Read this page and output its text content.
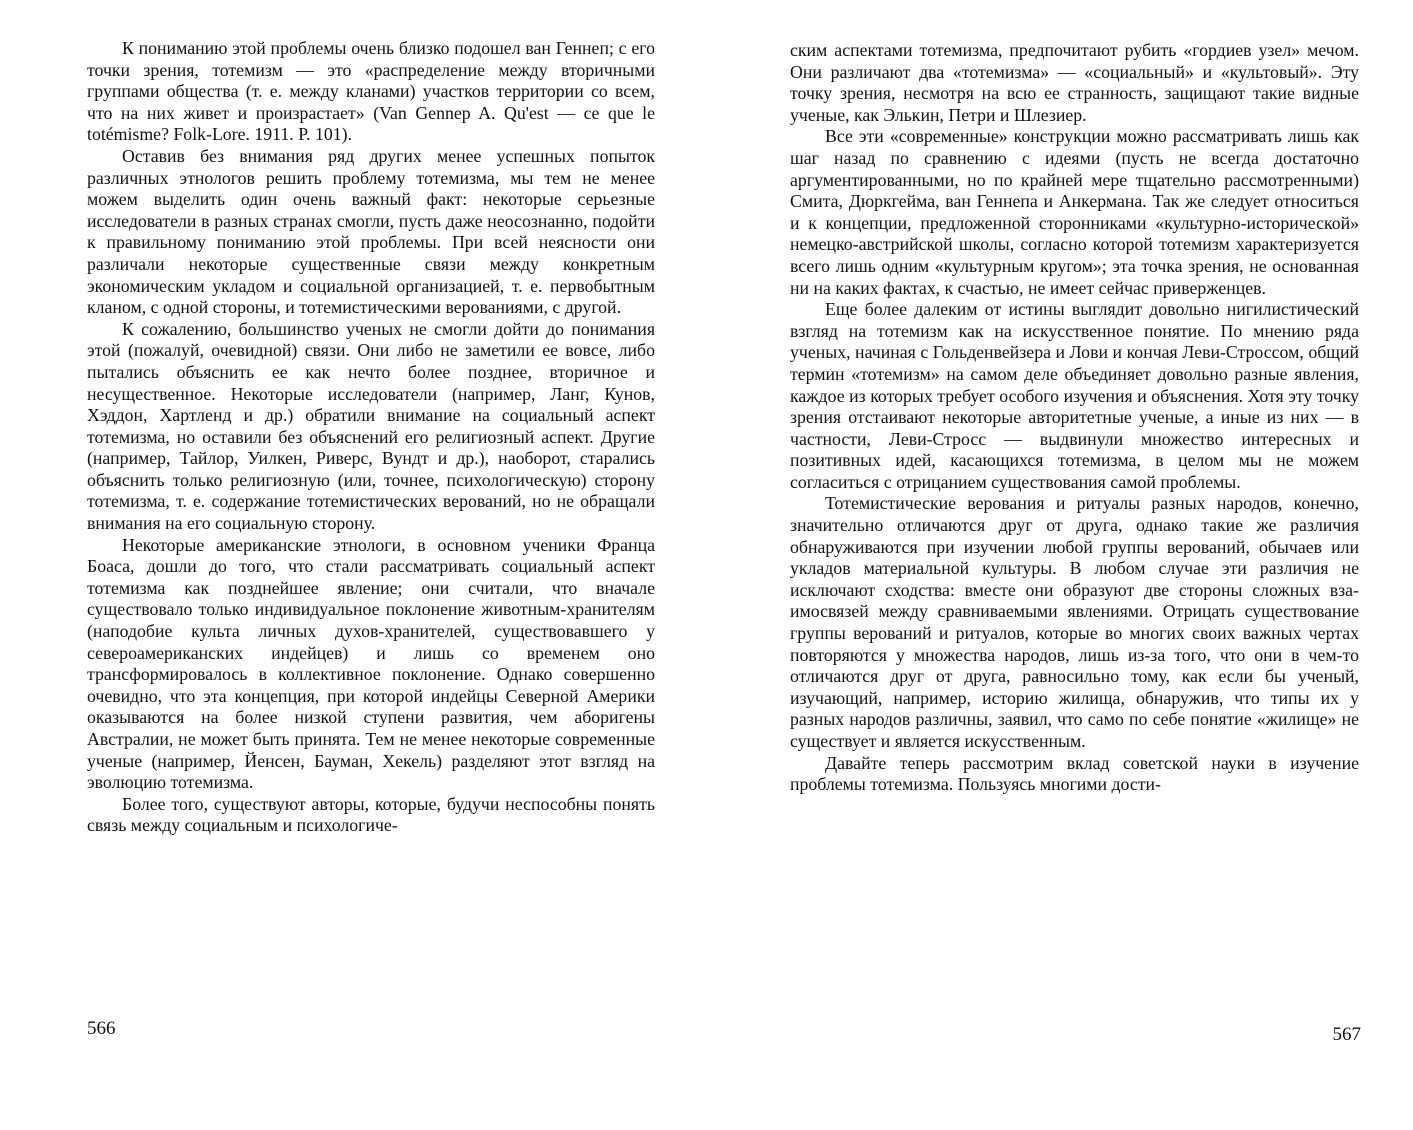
К пониманию этой проблемы очень близко подошел ван Геннеп; с его точки зрения, тотемизм — это «распределение между вторичными группами общества (т. е. между кланами) участков территории со всем, что на них живет и произрастает» (Van Gennep A. Qu'est — ce que le totémisme? Folk-Lore. 1911. P. 101).

Оставив без внимания ряд других менее успешных попыток различных этнологов решить проблему тотемизма, мы тем не менее можем выделить один очень важный факт: некоторые серьезные исследователи в разных странах смогли, пусть даже неосознанно, подойти к правильному пониманию этой проблемы. При всей неясности они различали некоторые существенные связи между конкретным экономическим укладом и социальной организацией, т. е. первобытным кланом, с одной стороны, и тотемистическими верованиями, с другой.

К сожалению, большинство ученых не смогли дойти до понимания этой (пожалуй, очевидной) связи. Они либо не заметили ее вовсе, либо пытались объяснить ее как нечто более позднее, вторичное и несущественное. Некоторые исследователи (например, Ланг, Кунов, Хэддон, Хартленд и др.) обратили внимание на социальный аспект тотемизма, но оставили без объяснений его религиозный аспект. Другие (например, Тайлор, Уилкен, Риверс, Вундт и др.), наоборот, старались объяснить только религиозную (или, точнее, психологическую) сторону тотемизма, т. е. содержание тотемистических верований, но не обращали внимания на его социальную сторону.

Некоторые американские этнологи, в основном ученики Франца Боаса, дошли до того, что стали рассматривать социальный аспект тотемизма как позднейшее явление; они считали, что вначале существовало только индивидуальное поклонение животным-хранителям (наподобие культа личных духов-хранителей, существовавшего у североамериканских индейцев) и лишь со временем оно трансформировалось в коллективное поклонение. Однако совершенно очевидно, что эта концепция, при которой индейцы Северной Америки оказываются на более низкой ступени развития, чем аборигены Австралии, не может быть принята. Тем не менее некоторые современные ученые (например, Йенсен, Бауман, Хекель) разделяют этот взгляд на эволюцию тотемизма.

Более того, существуют авторы, которые, будучи неспособны понять связь между социальным и психологиче-

566

ским аспектами тотемизма, предпочитают рубить «гордиев узел» мечом. Они различают два «тотемизма» — «социальный» и «культовый». Эту точку зрения, несмотря на всю ее странность, защищают такие видные ученые, как Элькин, Петри и Шлезиер.

Все эти «современные» конструкции можно рассматривать лишь как шаг назад по сравнению с идеями (пусть не всегда достаточно аргументированными, но по крайней мере тщательно рассмотренными) Смита, Дюркгейма, ван Геннепа и Анкермана. Так же следует относиться и к концепции, предложенной сторонниками «культурно-исторической» немецко-австрийской школы, согласно которой тотемизм характеризуется всего лишь одним «культурным кругом»; эта точка зрения, не основанная ни на каких фактах, к счастью, не имеет сейчас приверженцев.

Еще более далеким от истины выглядит довольно нигилистический взгляд на тотемизм как на искусственное понятие. По мнению ряда ученых, начиная с Гольденвейзера и Лови и кончая Леви-Строссом, общий термин «тотемизм» на самом деле объединяет довольно разные явления, каждое из которых требует особого изучения и объяснения. Хотя эту точку зрения отстаивают некоторые авторитетные ученые, а иные из них — в частности, Леви-Стросс — выдвинули множество интересных и позитивных идей, касающихся тотемизма, в целом мы не можем согласиться с отрицанием существования самой проблемы.

Тотемистические верования и ритуалы разных народов, конечно, значительно отличаются друг от друга, однако такие же различия обнаруживаются при изучении любой группы верований, обычаев или укладов материальной культуры. В любом случае эти различия не исключают сходства: вместе они образуют две стороны сложных взаимосвязей между сравниваемыми явлениями. Отрицать существование группы верований и ритуалов, которые во многих своих важных чертах повторяются у множества народов, лишь из-за того, что они в чем-то отличаются друг от друга, равносильно тому, как если бы ученый, изучающий, например, историю жилища, обнаружив, что типы их у разных народов различны, заявил, что само по себе понятие «жилище» не существует и является искусственным.

Давайте теперь рассмотрим вклад советской науки в изучение проблемы тотемизма. Пользуясь многими дости-

567
